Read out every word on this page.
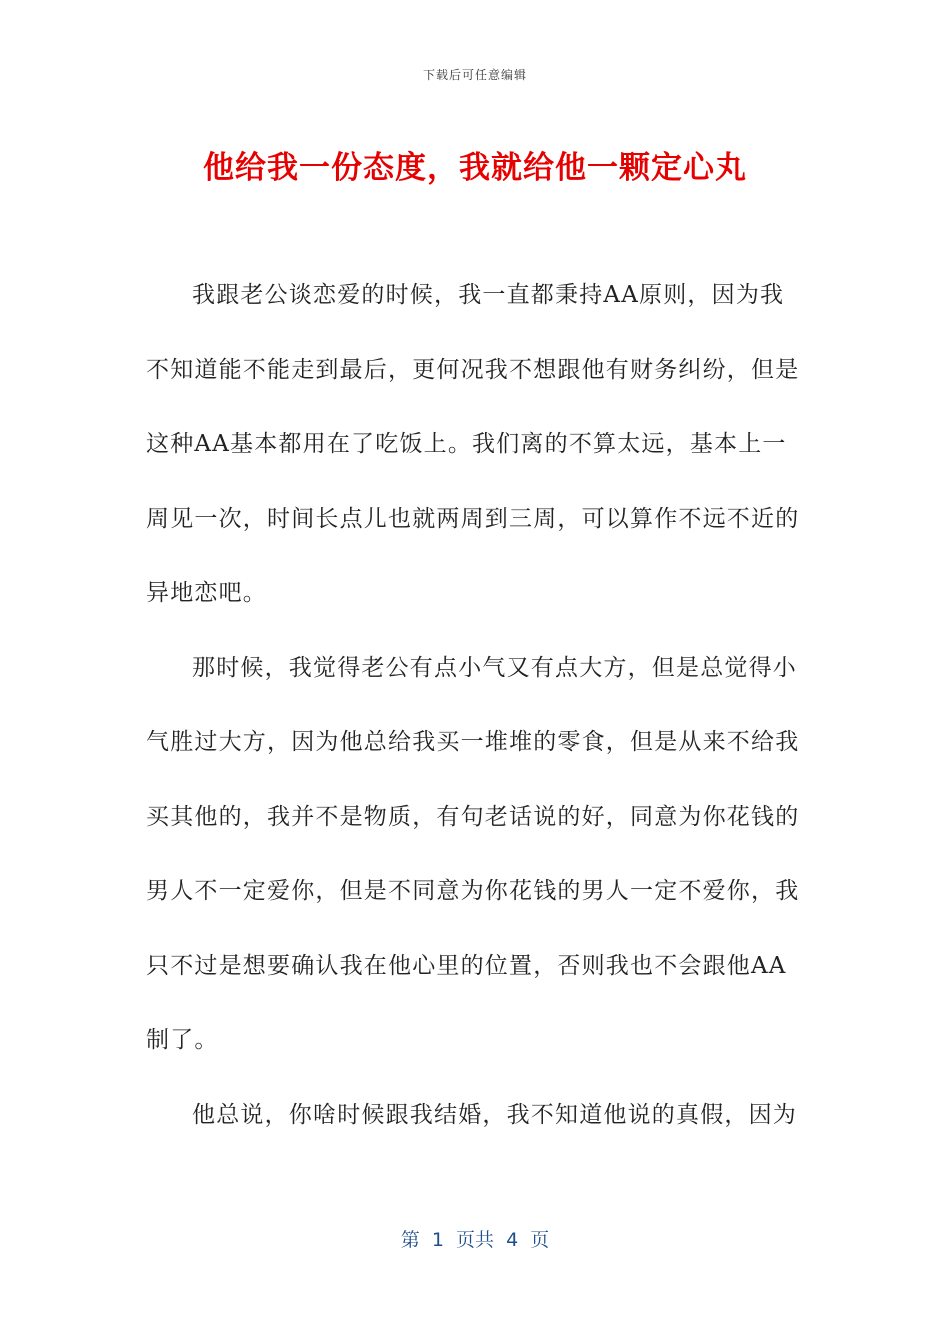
下载后可任意编辑
他给我一份态度，我就给他一颗定心丸

我跟老公谈恋爱的时候，我一直都秉持AA原则，因为我不知道能不能走到最后，更何况我不想跟他有财务纠纷，但是这种AA基本都用在了吃饭上。我们离的不算太远，基本上一周见一次，时间长点儿也就两周到三周，可以算作不远不近的异地恋吧。

那时候，我觉得老公有点小气又有点大方，但是总觉得小气胜过大方，因为他总给我买一堆堆的零食，但是从来不给我买其他的，我并不是物质，有句老话说的好，同意为你花钱的男人不一定爱你，但是不同意为你花钱的男人一定不爱你，我只不过是想要确认我在他心里的位置，否则我也不会跟他AA制了。

他总说，你啥时候跟我结婚，我不知道他说的真假，因为

第  1  页共  4  页
